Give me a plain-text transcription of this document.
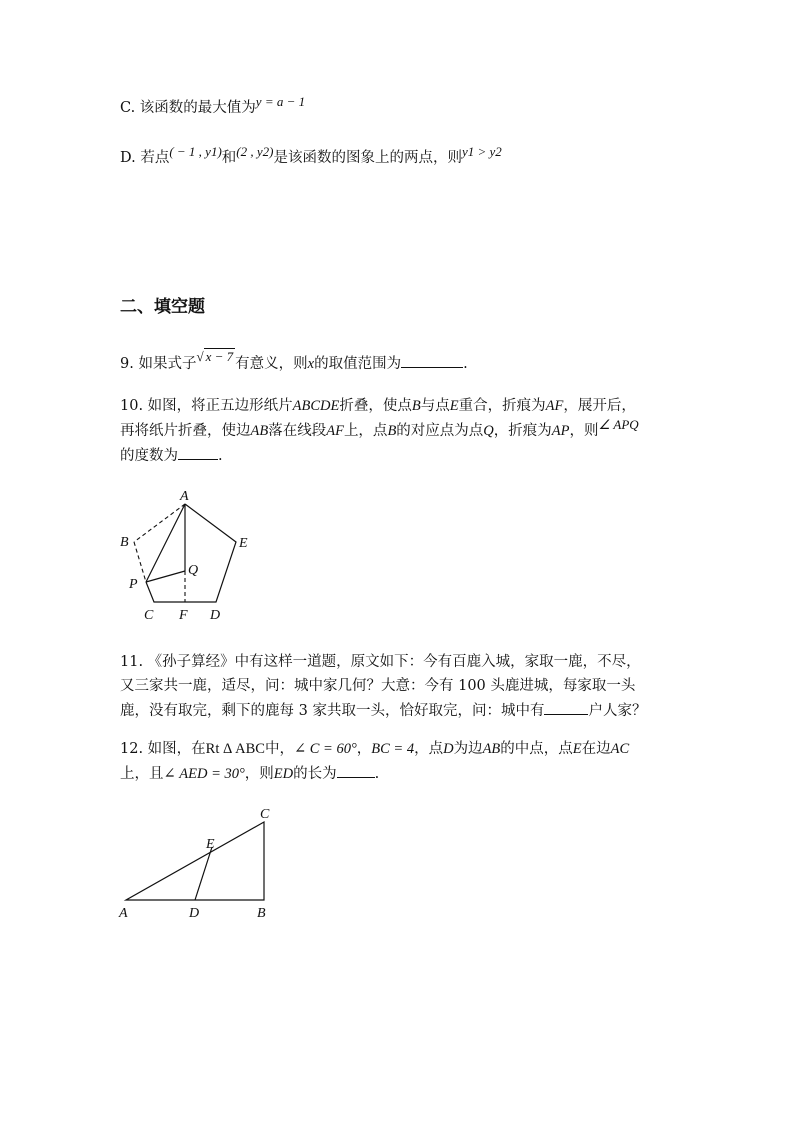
C. 该函数的最大值为y = a − 1
D. 若点( − 1 , y1)和(2 , y2)是该函数的图象上的两点，则y1 > y2
二、填空题
9. 如果式子√ x − 7 有意义，则x的取值范围为	.
10. 如图，将正五边形纸片ABCDE折叠，使点B与点E重合，折痕为AF，展开后，
再将纸片折叠，使边AB落在线段AF上，点B的对应点为点Q，折痕为AP，则∠ APQ
的度数为	.
A
B	E
Q
P
C F D
11. 《孙子算经》中有这样一道题，原文如下：今有百鹿入城，家取一鹿，不尽，
又三家共一鹿，适尽，问：城中家几何？大意：今有 100 头鹿进城，每家取一头
鹿，没有取完，剩下的鹿每 3 家共取一头，恰好取完，问：城中有	户人家？
12. 如图，在Rt Δ ABC中，∠ C = 60°，BC = 4，点D为边AB的中点，点E在边AC
上，且∠ AED = 30°，则ED的长为	.
C
E
A	D	B
